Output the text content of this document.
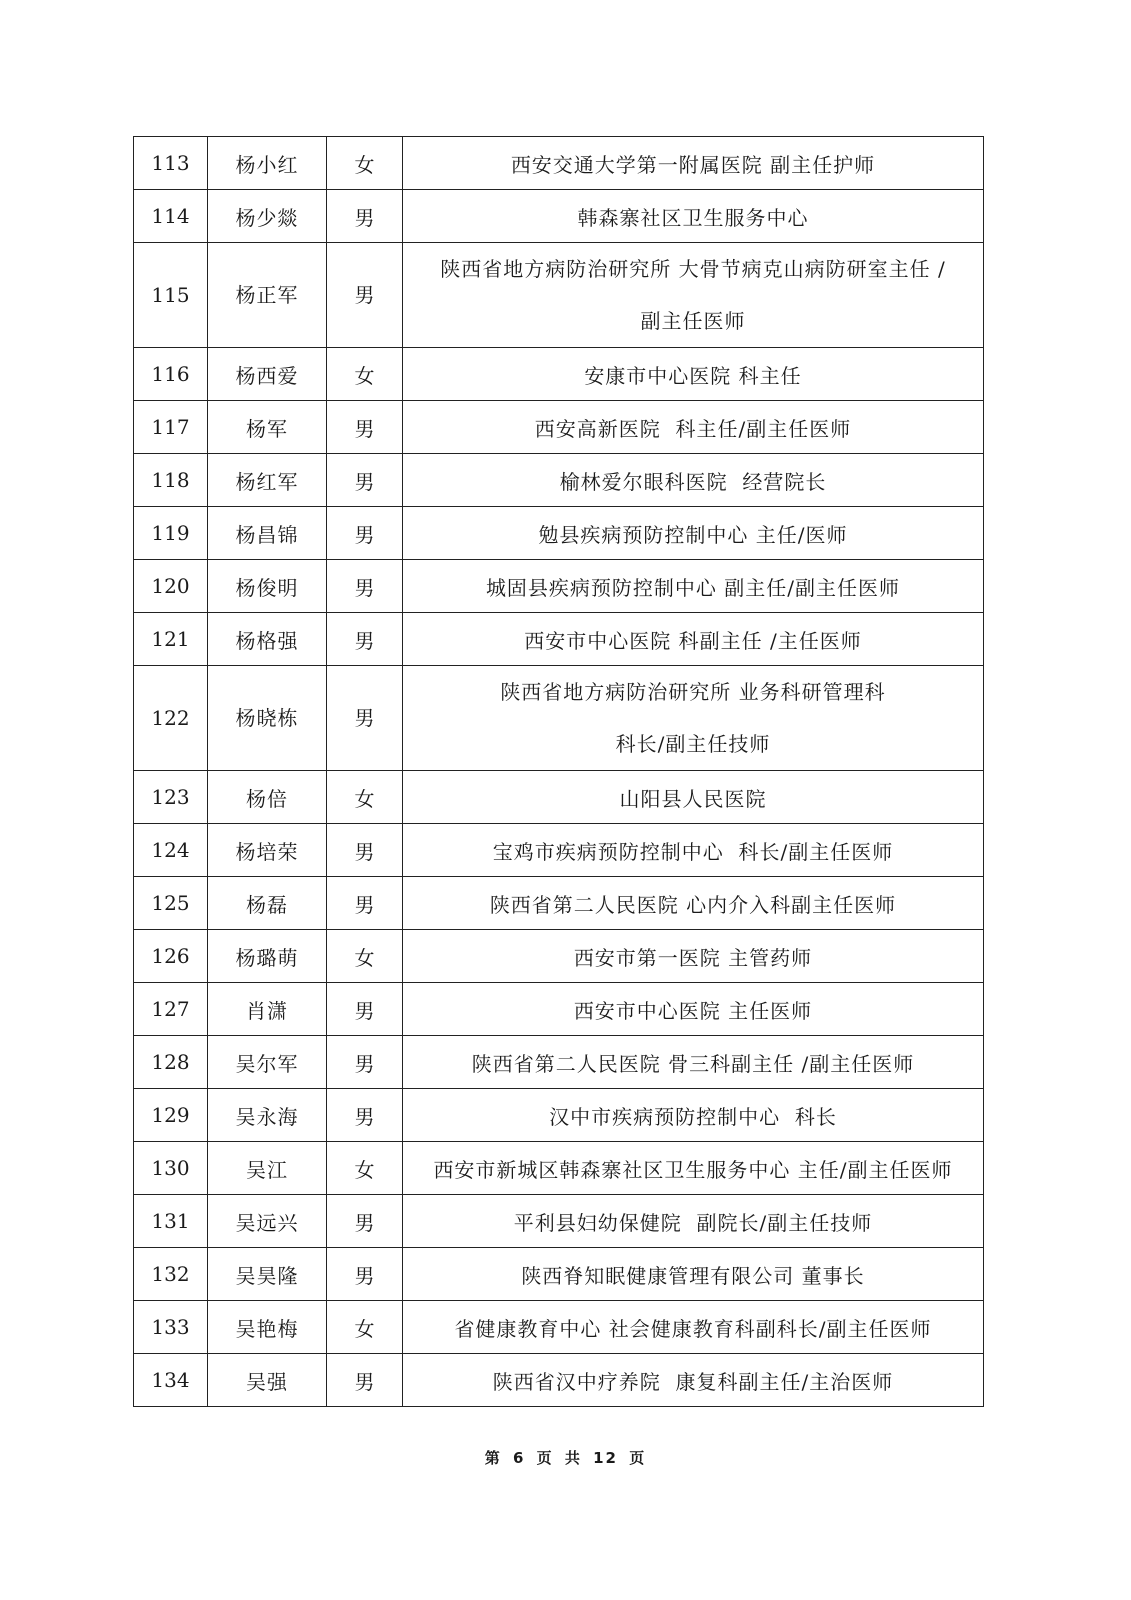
113	杨小红	女	西安交通大学第一附属医院 副主任护师
114	杨少燚	男	韩森寨社区卫生服务中心
115	杨正军	男	陕西省地方病防治研究所 大骨节病克山病防研室主任 /
副主任医师
116	杨西爱	女	安康市中心医院 科主任
117	杨军	男	西安高新医院  科主任/副主任医师
118	杨红军	男	榆林爱尔眼科医院  经营院长
119	杨昌锦	男	勉县疾病预防控制中心 主任/医师
120	杨俊明	男	城固县疾病预防控制中心 副主任/副主任医师
121	杨格强	男	西安市中心医院 科副主任 /主任医师
122	杨晓栋	男	陕西省地方病防治研究所 业务科研管理科
科长/副主任技师
123	杨倍	女	山阳县人民医院
124	杨培荣	男	宝鸡市疾病预防控制中心  科长/副主任医师
125	杨磊	男	陕西省第二人民医院 心内介入科副主任医师
126	杨璐萌	女	西安市第一医院 主管药师
127	肖潇	男	西安市中心医院 主任医师
128	吴尔军	男	陕西省第二人民医院 骨三科副主任 /副主任医师
129	吴永海	男	汉中市疾病预防控制中心  科长
130	吴江	女	西安市新城区韩森寨社区卫生服务中心 主任/副主任医师
131	吴远兴	男	平利县妇幼保健院  副院长/副主任技师
132	吴昊隆	男	陕西脊知眠健康管理有限公司 董事长
133	吴艳梅	女	省健康教育中心 社会健康教育科副科长/副主任医师
134	吴强	男	陕西省汉中疗养院  康复科副主任/主治医师
第 6 页 共 12 页
